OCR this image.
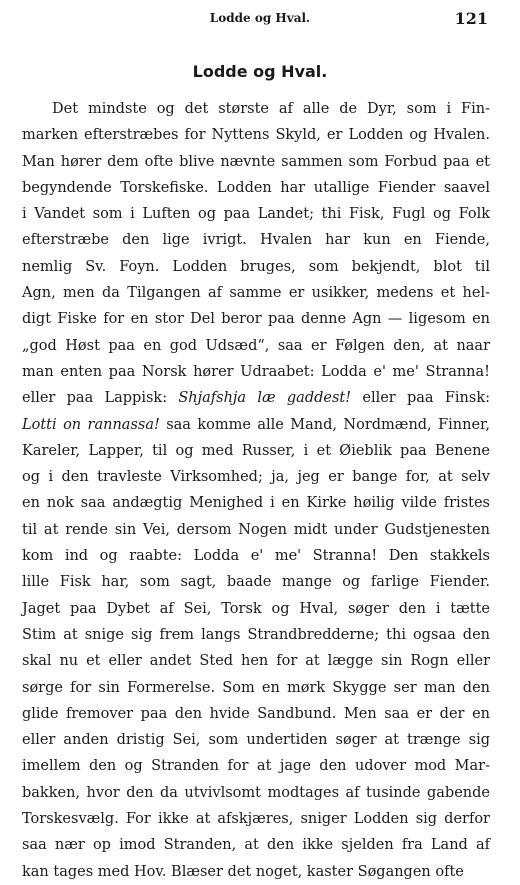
Lodde og Hval.	121
Lodde og Hval.
Det mindste og det største af alle de Dyr, som i Fin-
marken efterstræbes for Nyttens Skyld, er Lodden og Hvalen.
Man hører dem ofte blive nævnte sammen som Forbud paa et
begyndende Torskefiske. Lodden har utallige Fiender saavel
i Vandet som i Luften og paa Landet; thi Fisk, Fugl og Folk
efterstræbe den lige ivrigt. Hvalen har kun en Fiende,
nemlig Sv. Foyn. Lodden bruges, som bekjendt, blot til
Agn, men da Tilgangen af samme er usikker, medens et hel-
digt Fiske for en stor Del beror paa denne Agn — ligesom en
„god Høst paa en god Udsæd“, saa er Følgen den, at naar
man enten paa Norsk hører Udraabet: Lodda e' me' Stranna!
eller paa Lappisk: Shjafshja læ gaddest! eller paa Finsk:
Lotti on rannassa! saa komme alle Mand, Nordmænd, Finner,
Kareler, Lapper, til og med Russer, i et Øieblik paa Benene
og i den travleste Virksomhed; ja, jeg er bange for, at selv
en nok saa andægtig Menighed i en Kirke høilig vilde fristes
til at rende sin Vei, dersom Nogen midt under Gudstjenesten
kom ind og raabte: Lodda e' me' Stranna! Den stakkels
lille Fisk har, som sagt, baade mange og farlige Fiender.
Jaget paa Dybet af Sei, Torsk og Hval, søger den i tætte
Stim at snige sig frem langs Strandbredderne; thi ogsaa den
skal nu et eller andet Sted hen for at lægge sin Rogn eller
sørge for sin Formerelse. Som en mørk Skygge ser man den
glide fremover paa den hvide Sandbund. Men saa er der en
eller anden dristig Sei, som undertiden søger at trænge sig
imellem den og Stranden for at jage den udover mod Mar-
bakken, hvor den da utvivlsomt modtages af tusinde gabende
Torskesvælg. For ikke at afskjæres, sniger Lodden sig derfor
saa nær op imod Stranden, at den ikke sjelden fra Land af
kan tages med Hov. Blæser det noget, kaster Søgangen ofte
